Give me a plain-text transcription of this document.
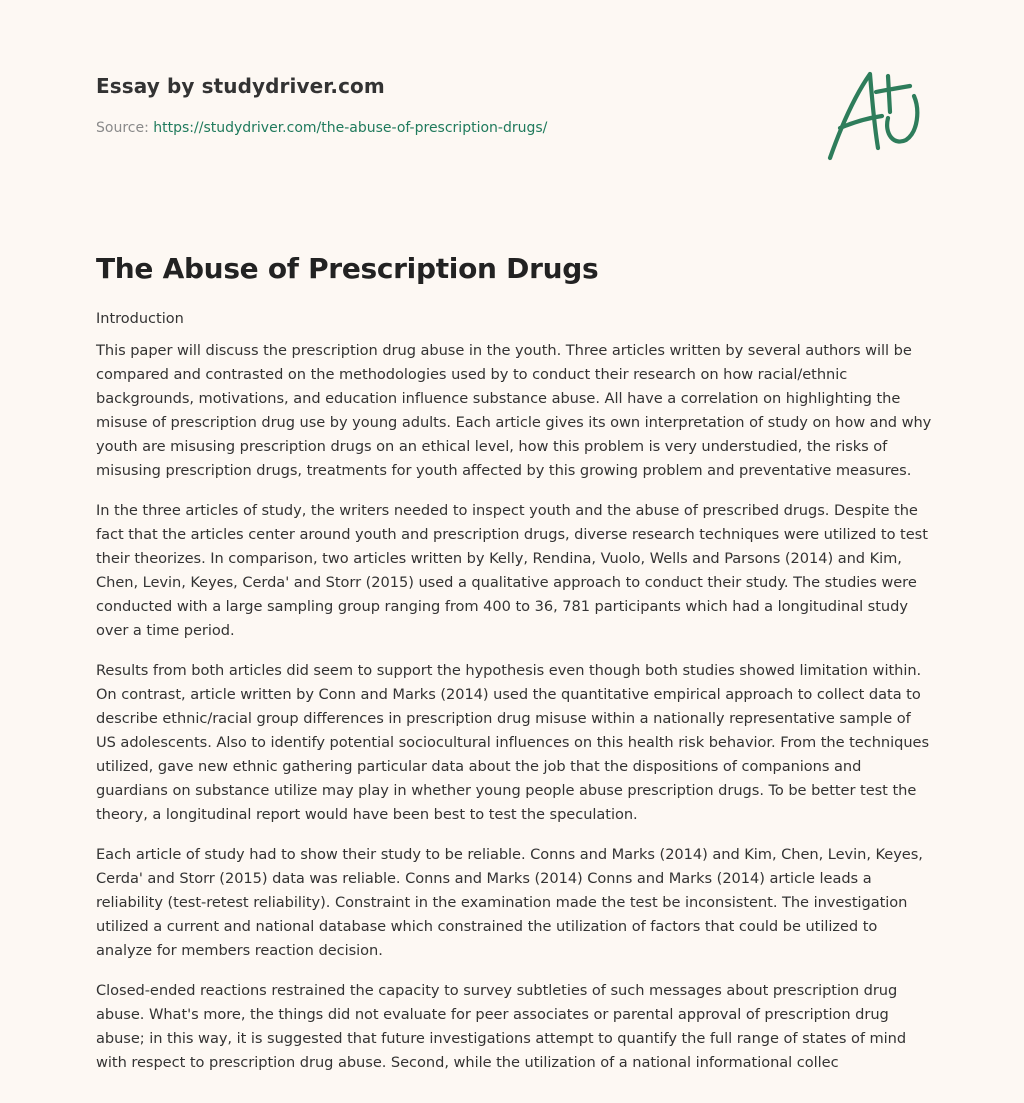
Essay by studydriver.com
Source: https://studydriver.com/the-abuse-of-prescription-drugs/
The Abuse of Prescription Drugs

Introduction

This paper will discuss the prescription drug abuse in the youth. Three articles written by several authors will be compared and contrasted on the methodologies used by to conduct their research on how racial/ethnic backgrounds, motivations, and education influence substance abuse. All have a correlation on highlighting the misuse of prescription drug use by young adults. Each article gives its own interpretation of study on how and why youth are misusing prescription drugs on an ethical level, how this problem is very understudied, the risks of misusing prescription drugs, treatments for youth affected by this growing problem and preventative measures.

In the three articles of study, the writers needed to inspect youth and the abuse of prescribed drugs. Despite the fact that the articles center around youth and prescription drugs, diverse research techniques were utilized to test their theorizes. In comparison, two articles written by Kelly, Rendina, Vuolo, Wells and Parsons (2014) and Kim, Chen, Levin, Keyes, Cerda' and Storr (2015) used a qualitative approach to conduct their study. The studies were conducted with a large sampling group ranging from 400 to 36, 781 participants which had a longitudinal study over a time period.

Results from both articles did seem to support the hypothesis even though both studies showed limitation within. On contrast, article written by Conn and Marks (2014) used the quantitative empirical approach to collect data to describe ethnic/racial group differences in prescription drug misuse within a nationally representative sample of US adolescents. Also to identify potential sociocultural influences on this health risk behavior. From the techniques utilized, gave new ethnic gathering particular data about the job that the dispositions of companions and guardians on substance utilize may play in whether young people abuse prescription drugs. To be better test the theory, a longitudinal report would have been best to test the speculation.

Each article of study had to show their study to be reliable. Conns and Marks (2014) and Kim, Chen, Levin, Keyes, Cerda' and Storr (2015) data was reliable. Conns and Marks (2014) Conns and Marks (2014) article leads a reliability (test-retest reliability). Constraint in the examination made the test be inconsistent. The investigation utilized a current and national database which constrained the utilization of factors that could be utilized to analyze for members reaction decision.

Closed-ended reactions restrained the capacity to survey subtleties of such messages about prescription drug abuse. What's more, the things did not evaluate for peer associates or parental approval of prescription drug abuse; in this way, it is suggested that future investigations attempt to quantify the full range of states of mind with respect to prescription drug abuse. Second, while the utilization of a national informational collec
